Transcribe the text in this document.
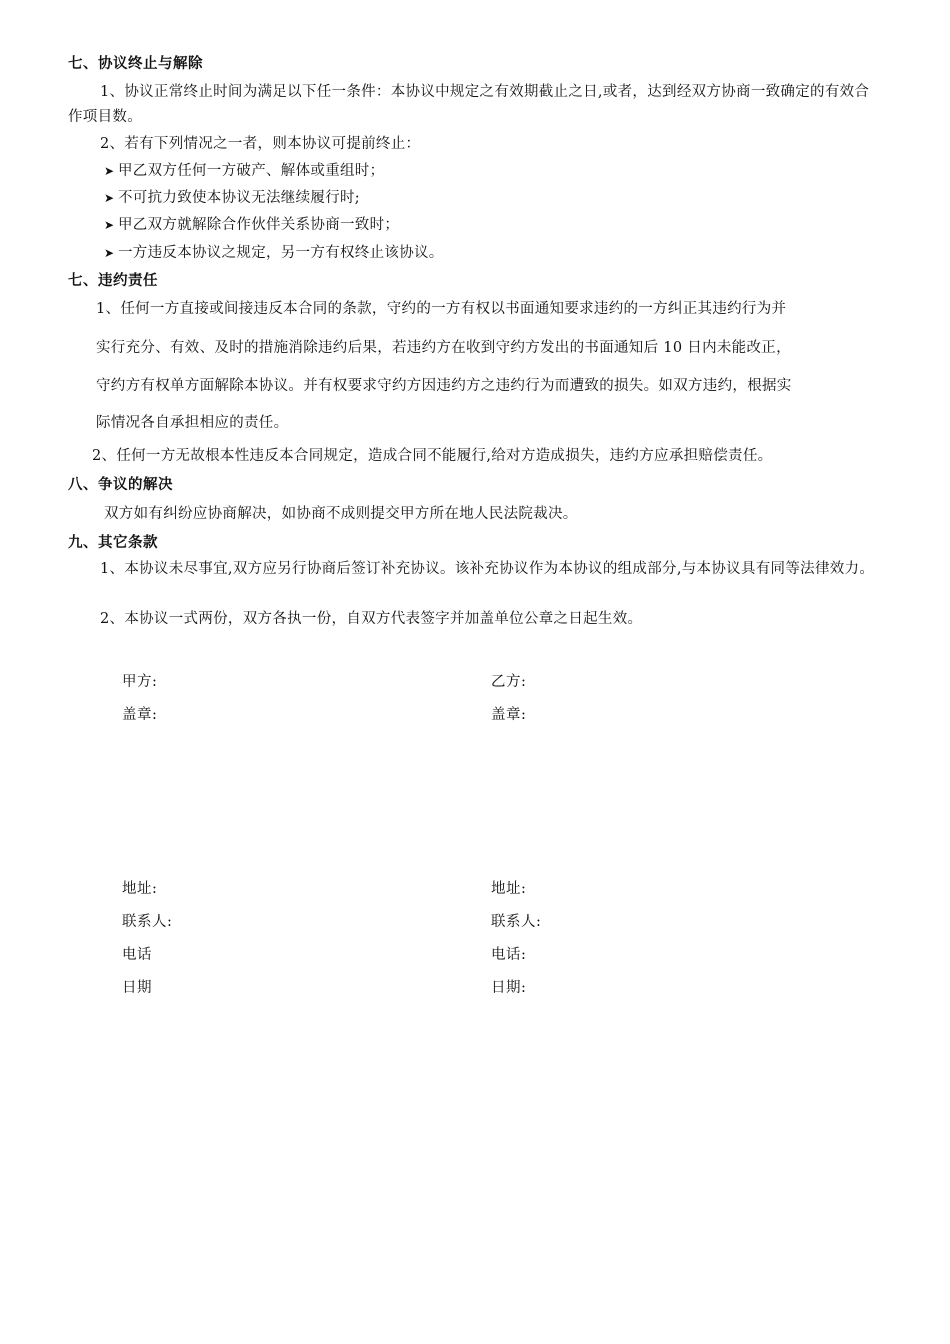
七、协议终止与解除
1、协议正常终止时间为满足以下任一条件：本协议中规定之有效期截止之日,或者，达到经双方协商一致确定的有效合作项目数。
2、若有下列情况之一者，则本协议可提前终止：
➤ 甲乙双方任何一方破产、解体或重组时；
➤ 不可抗力致使本协议无法继续履行时;
➤ 甲乙双方就解除合作伙伴关系协商一致时；
➤ 一方违反本协议之规定，另一方有权终止该协议。
七、违约责任
1、任何一方直接或间接违反本合同的条款，守约的一方有权以书面通知要求违约的一方纠正其违约行为并
实行充分、有效、及时的措施消除违约后果，若违约方在收到守约方发出的书面通知后 10 日内未能改正，
守约方有权单方面解除本协议。并有权要求守约方因违约方之违约行为而遭致的损失。如双方违约，根据实
际情况各自承担相应的责任。
2、任何一方无故根本性违反本合同规定，造成合同不能履行,给对方造成损失，违约方应承担赔偿责任。
八、争议的解决
双方如有纠纷应协商解决，如协商不成则提交甲方所在地人民法院裁决。
九、其它条款
1、本协议未尽事宜,双方应另行协商后签订补充协议。该补充协议作为本协议的组成部分,与本协议具有同等法律效力。
2、本协议一式两份，双方各执一份，自双方代表签字并加盖单位公章之日起生效。
甲方:
盖章:
地址:
联系人:
电话
日期
乙方:
盖章:
地址:
联系人:
电话:
日期:
